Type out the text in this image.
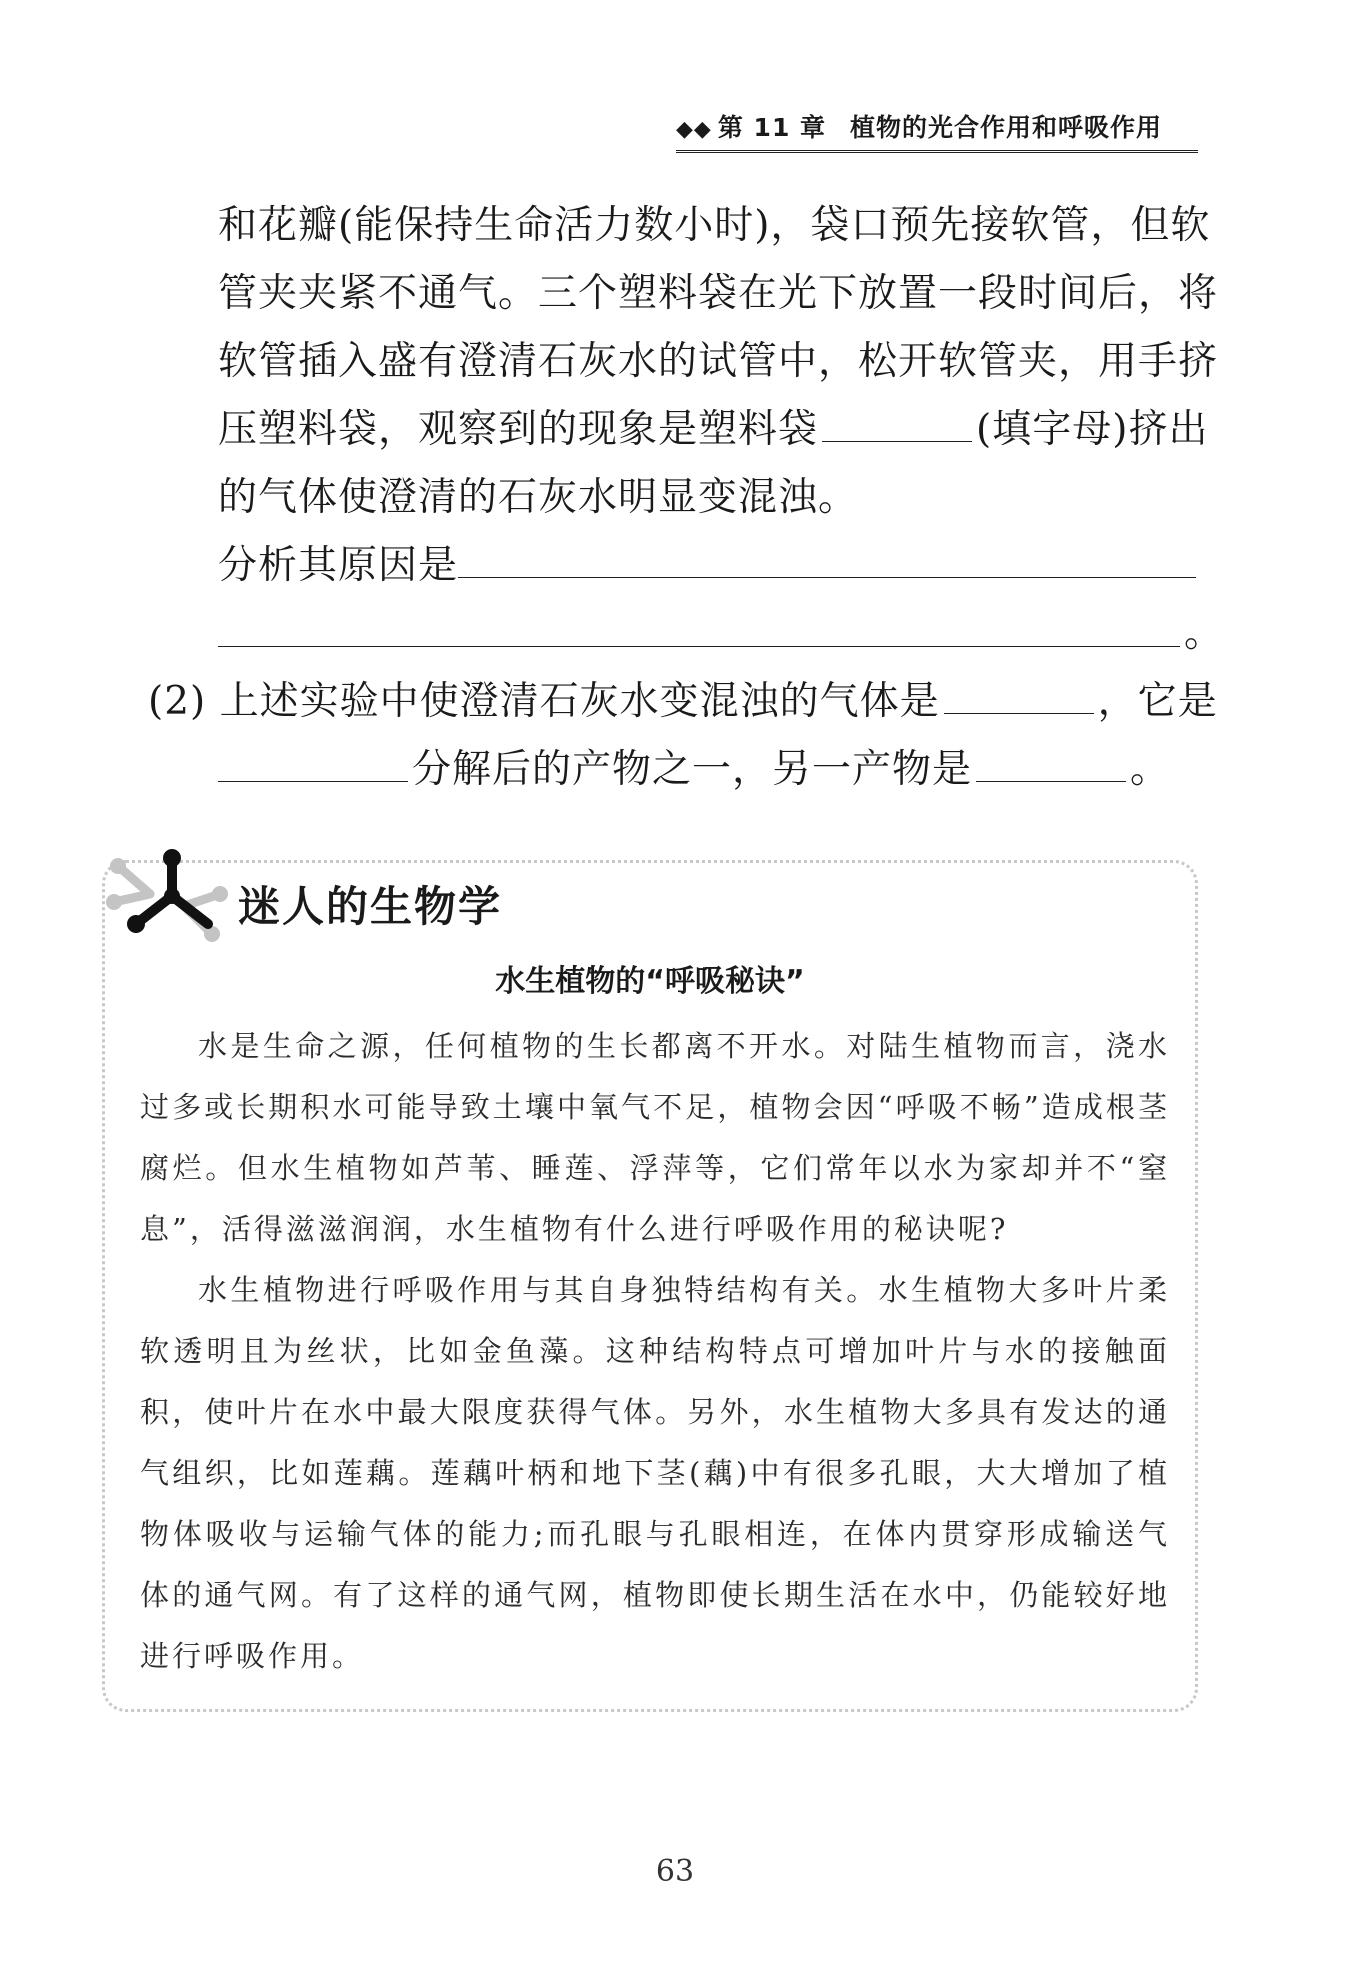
◆◆ 第 11 章 植物的光合作用和呼吸作用
和花瓣(能保持生命活力数小时)，袋口预先接软管，但软
管夹夹紧不通气。三个塑料袋在光下放置一段时间后，将
软管插入盛有澄清石灰水的试管中，松开软管夹，用手挤
压塑料袋，观察到的现象是塑料袋	(填字母)挤出
的气体使澄清的石灰水明显变混浊。
分析其原因是
。
(2) 上述实验中使澄清石灰水变混浊的气体是	，它是
分解后的产物之一，另一产物是	。
迷人的生物学
水生植物的“呼吸秘诀”

水是生命之源，任何植物的生长都离不开水。对陆生植物而言，浇水过多或长期积水可能导致土壤中氧气不足，植物会因“呼吸不畅”造成根茎腐烂。但水生植物如芦苇、睡莲、浮萍等，它们常年以水为家却并不“窒息”，活得滋滋润润，水生植物有什么进行呼吸作用的秘诀呢?

水生植物进行呼吸作用与其自身独特结构有关。水生植物大多叶片柔软透明且为丝状，比如金鱼藻。这种结构特点可增加叶片与水的接触面积，使叶片在水中最大限度获得气体。另外，水生植物大多具有发达的通气组织，比如莲藕。莲藕叶柄和地下茎(藕)中有很多孔眼，大大增加了植物体吸收与运输气体的能力;而孔眼与孔眼相连，在体内贯穿形成输送气体的通气网。有了这样的通气网，植物即使长期生活在水中，仍能较好地进行呼吸作用。

63
